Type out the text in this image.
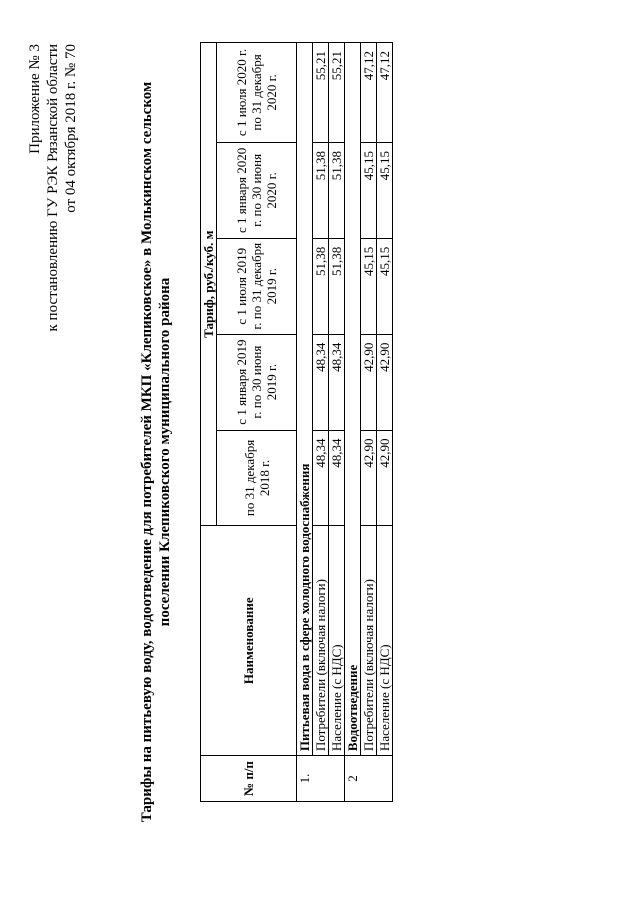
Приложение № 3 к постановлению ГУ РЭК Рязанской области от 04 октября 2018 г. № 70	Тарифы на питьевую воду, водоотведение для потребителей МКП «Клепиковское» в Молькинском сельском поселении Клепиковского муниципального района
№ п/п	Наименование	Тариф, руб./куб. м				
		по 31 декабря 2018 г.	с 1 января 2019 г. по 30 июня 2019 г.	с 1 июля 2019 г. по 31 декабря 2019 г.	с 1 января 2020 г. по 30 июня 2020 г.	с 1 июля 2020 г. по 31 декабря 2020 г.
1.	Питьевая вода в сфере холодного водоснабжения					
	Потребители (включая налоги)	48,34	48,34	51,38	51,38	55,21
	Население (с НДС)	48,34	48,34	51,38	51,38	55,21
2	Водоотведение					
	Потребители (включая налоги)	42,90	42,90	45,15	45,15	47,12
	Население (с НДС)	42,90	42,90	45,15	45,15	47,12
